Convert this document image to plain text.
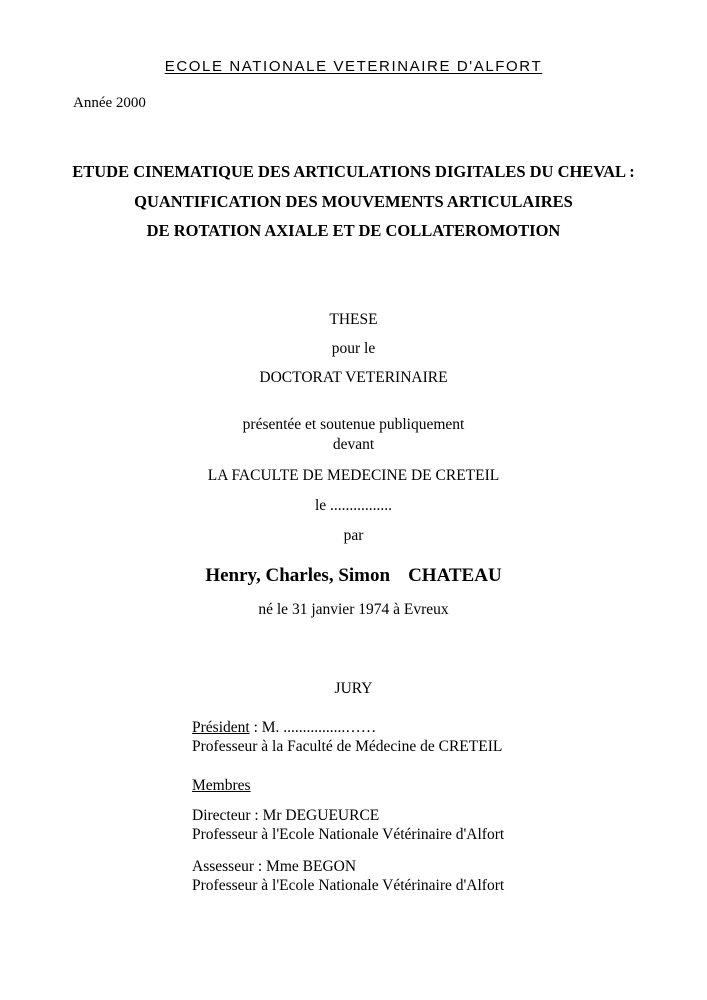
ECOLE NATIONALE VETERINAIRE D'ALFORT
Année 2000
ETUDE CINEMATIQUE DES ARTICULATIONS DIGITALES DU CHEVAL :
QUANTIFICATION DES MOUVEMENTS ARTICULAIRES
DE ROTATION AXIALE ET DE COLLATEROMOTION
THESE
pour le
DOCTORAT VETERINAIRE
présentée et soutenue publiquement
devant
LA FACULTE DE MEDECINE DE CRETEIL
le ................
par
Henry, Charles, Simon CHATEAU
né le 31 janvier 1974 à Evreux
JURY
Président : M. ................……
Professeur à la Faculté de Médecine de CRETEIL
Membres
Directeur : Mr DEGUEURCE
Professeur à l'Ecole Nationale Vétérinaire d'Alfort
Assesseur : Mme BEGON
Professeur à l'Ecole Nationale Vétérinaire d'Alfort
